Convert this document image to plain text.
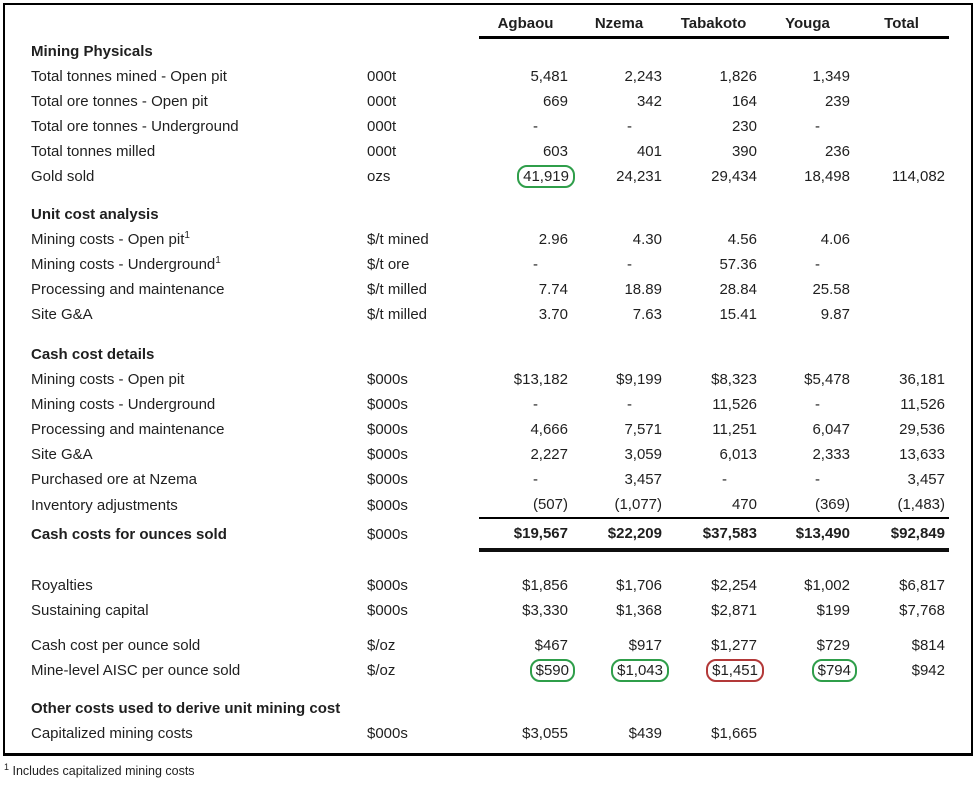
		Agbaou	Nzema	Tabakoto	Youga	Total
Mining Physicals						
Total tonnes mined - Open pit	000t	5,481	2,243	1,826	1,349	
Total ore tonnes - Open pit	000t	669	342	164	239	
Total ore tonnes - Underground	000t	-	-	230	-	
Total tonnes milled	000t	603	401	390	236	
Gold sold	ozs	41,919	24,231	29,434	18,498	114,082

Unit cost analysis						
Mining costs - Open pit$^1$	$/t mined	2.96	4.30	4.56	4.06	
Mining costs - Underground$^1$	$/t ore	-	-	57.36	-	
Processing and maintenance	$/t milled	7.74	18.89	28.84	25.58	
Site G&A	$/t milled	3.70	7.63	15.41	9.87	

Cash cost details						
Mining costs - Open pit	$000s	$13,182	$9,199	$8,323	$5,478	36,181
Mining costs - Underground	$000s	-	-	11,526	-	11,526
Processing and maintenance	$000s	4,666	7,571	11,251	6,047	29,536
Site G&A	$000s	2,227	3,059	6,013	2,333	13,633
Purchased ore at Nzema	$000s	-	3,457	-	-	3,457
Inventory adjustments	$000s	(507)	(1,077)	470	(369)	(1,483)
Cash costs for ounces sold	$000s	$19,567	$22,209	$37,583	$13,490	$92,849

Royalties	$000s	$1,856	$1,706	$2,254	$1,002	$6,817
Sustaining capital	$000s	$3,330	$1,368	$2,871	$199	$7,768

Cash cost per ounce sold	$/oz	$467	$917	$1,277	$729	$814
Mine-level AISC per ounce sold	$/oz	$590	$1,043	$1,451	$794	$942

Other costs used to derive unit mining cost						
Capitalized mining costs	$000s	$3,055	$439	$1,665		
$^1$ Includes capitalized mining costs
